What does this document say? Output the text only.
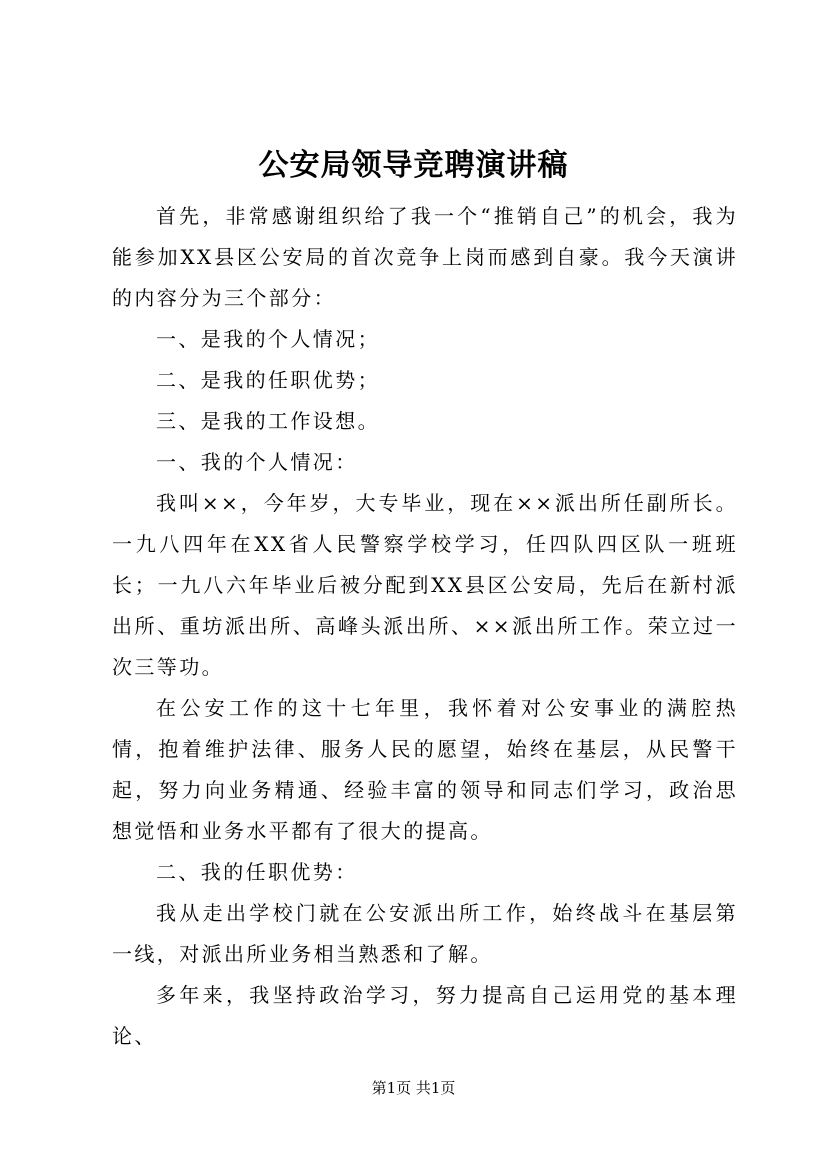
公安局领导竞聘演讲稿

首先，非常感谢组织给了我一个“推销自己”的机会，我为能参加XX县区公安局的首次竞争上岗而感到自豪。我今天演讲的内容分为三个部分：

一、是我的个人情况；

二、是我的任职优势；

三、是我的工作设想。

一、我的个人情况：

我叫××，今年岁，大专毕业，现在××派出所任副所长。一九八四年在XX省人民警察学校学习，任四队四区队一班班长；一九八六年毕业后被分配到XX县区公安局，先后在新村派出所、重坊派出所、高峰头派出所、××派出所工作。荣立过一次三等功。

在公安工作的这十七年里，我怀着对公安事业的满腔热情，抱着维护法律、服务人民的愿望，始终在基层，从民警干起，努力向业务精通、经验丰富的领导和同志们学习，政治思想觉悟和业务水平都有了很大的提高。

二、我的任职优势：

我从走出学校门就在公安派出所工作，始终战斗在基层第一线，对派出所业务相当熟悉和了解。

多年来，我坚持政治学习，努力提高自己运用党的基本理论、

第1页 共1页
